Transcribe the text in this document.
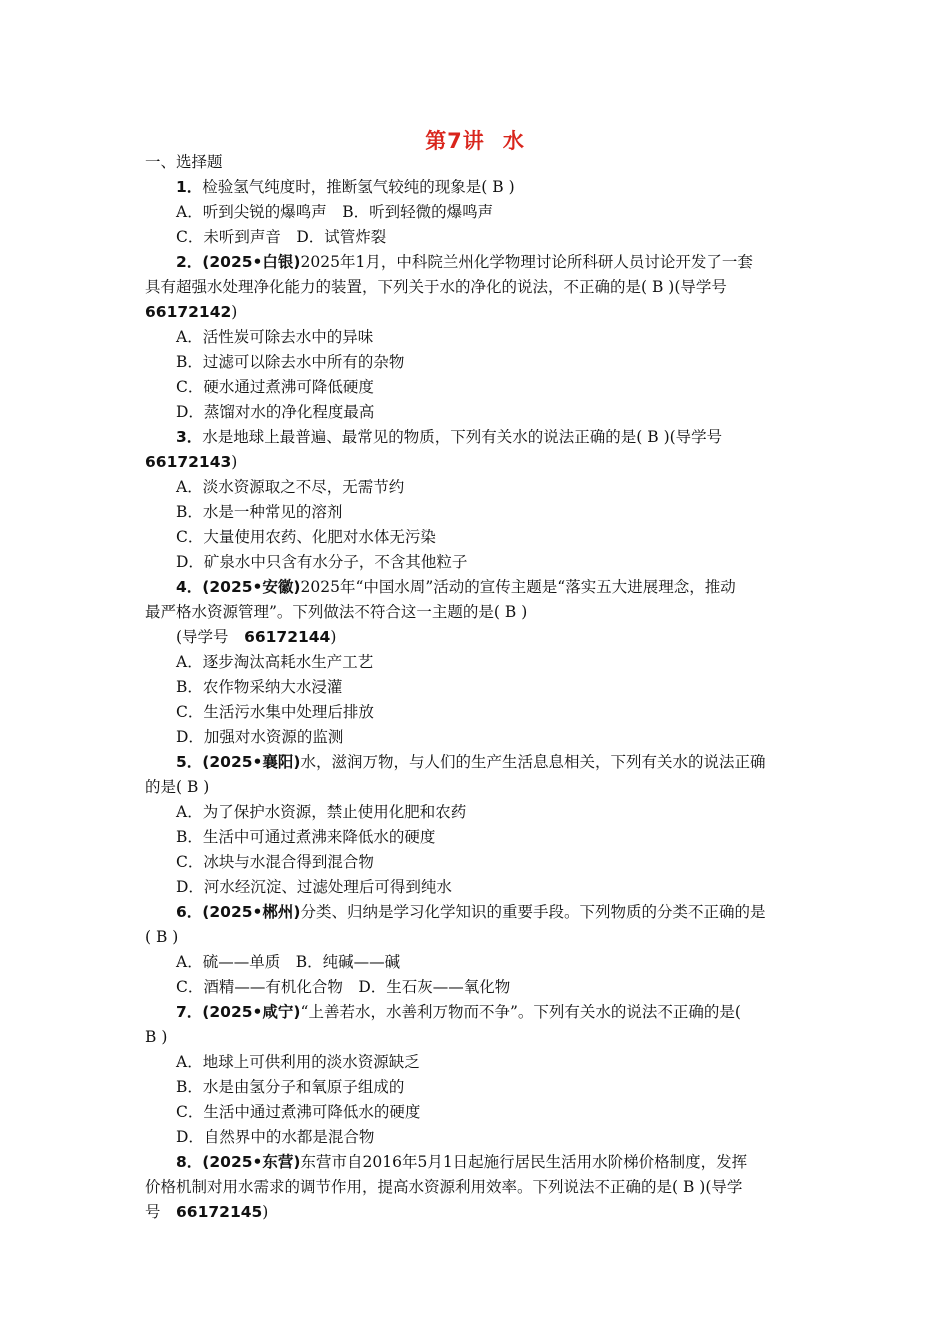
第7讲 水
一、选择题
1．检验氢气纯度时，推断氢气较纯的现象是( B )
A．听到尖锐的爆鸣声　B．听到轻微的爆鸣声
C．未听到声音　D．试管炸裂
2．(2025•白银)2025年1月，中科院兰州化学物理讨论所科研人员讨论开发了一套
具有超强水处理净化能力的装置，下列关于水的净化的说法，不正确的是( B )(导学号
66172142)
A．活性炭可除去水中的异味
B．过滤可以除去水中所有的杂物
C．硬水通过煮沸可降低硬度
D．蒸馏对水的净化程度最高
3．水是地球上最普遍、最常见的物质，下列有关水的说法正确的是( B )(导学号
66172143)
A．淡水资源取之不尽，无需节约
B．水是一种常见的溶剂
C．大量使用农药、化肥对水体无污染
D．矿泉水中只含有水分子，不含其他粒子
4．(2025•安徽)2025年“中国水周”活动的宣传主题是“落实五大进展理念，推动
最严格水资源管理”。下列做法不符合这一主题的是( B )
(导学号　66172144)
A．逐步淘汰高耗水生产工艺
B．农作物采纳大水浸灌
C．生活污水集中处理后排放
D．加强对水资源的监测
5．(2025•襄阳)水，滋润万物，与人们的生产生活息息相关，下列有关水的说法正确
的是( B )
A．为了保护水资源，禁止使用化肥和农药
B．生活中可通过煮沸来降低水的硬度
C．冰块与水混合得到混合物
D．河水经沉淀、过滤处理后可得到纯水
6．(2025•郴州)分类、归纳是学习化学知识的重要手段。下列物质的分类不正确的是
( B )
A．硫——单质　B．纯碱——碱
C．酒精——有机化合物　D．生石灰——氧化物
7．(2025•咸宁)“上善若水，水善利万物而不争”。下列有关水的说法不正确的是(
B )
A．地球上可供利用的淡水资源缺乏
B．水是由氢分子和氧原子组成的
C．生活中通过煮沸可降低水的硬度
D．自然界中的水都是混合物
8．(2025•东营)东营市自2016年5月1日起施行居民生活用水阶梯价格制度，发挥
价格机制对用水需求的调节作用，提高水资源利用效率。下列说法不正确的是( B )(导学
号　66172145)
